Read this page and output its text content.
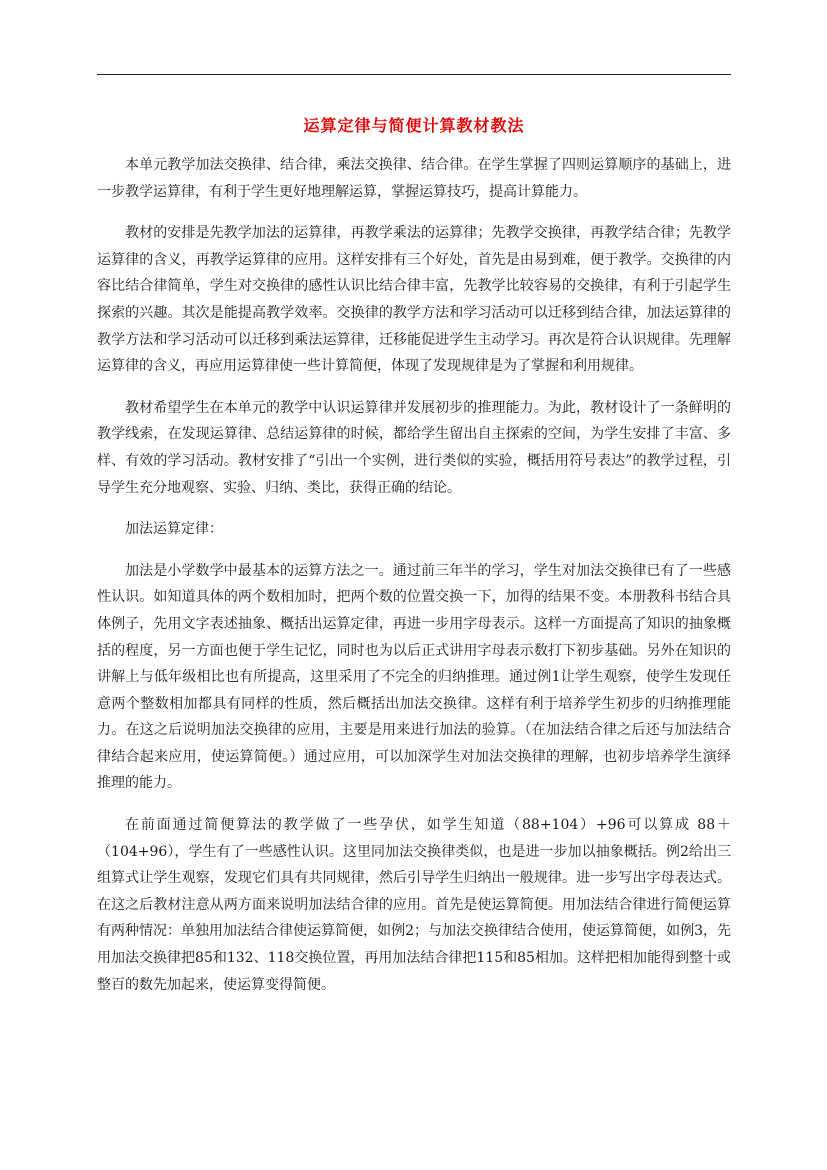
运算定律与简便计算教材教法

本单元教学加法交换律、结合律，乘法交换律、结合律。在学生掌握了四则运算顺序的基础上，进一步教学运算律，有利于学生更好地理解运算，掌握运算技巧，提高计算能力。

教材的安排是先教学加法的运算律，再教学乘法的运算律；先教学交换律，再教学结合律；先教学运算律的含义，再教学运算律的应用。这样安排有三个好处，首先是由易到难，便于教学。交换律的内容比结合律简单，学生对交换律的感性认识比结合律丰富，先教学比较容易的交换律，有利于引起学生探索的兴趣。其次是能提高教学效率。交换律的教学方法和学习活动可以迁移到结合律，加法运算律的教学方法和学习活动可以迁移到乘法运算律，迁移能促进学生主动学习。再次是符合认识规律。先理解运算律的含义，再应用运算律使一些计算简便，体现了发现规律是为了掌握和利用规律。

教材希望学生在本单元的教学中认识运算律并发展初步的推理能力。为此，教材设计了一条鲜明的教学线索，在发现运算律、总结运算律的时候，都给学生留出自主探索的空间，为学生安排了丰富、多样、有效的学习活动。教材安排了“引出一个实例，进行类似的实验，概括用符号表达”的教学过程，引导学生充分地观察、实验、归纳、类比，获得正确的结论。

加法运算定律：

加法是小学数学中最基本的运算方法之一。通过前三年半的学习，学生对加法交换律已有了一些感性认识。如知道具体的两个数相加时，把两个数的位置交换一下，加得的结果不变。本册教科书结合具体例子，先用文字表述抽象、概括出运算定律，再进一步用字母表示。这样一方面提高了知识的抽象概括的程度，另一方面也便于学生记忆，同时也为以后正式讲用字母表示数打下初步基础。另外在知识的讲解上与低年级相比也有所提高，这里采用了不完全的归纳推理。通过例1让学生观察，使学生发现任意两个整数相加都具有同样的性质，然后概括出加法交换律。这样有利于培养学生初步的归纳推理能力。在这之后说明加法交换律的应用，主要是用来进行加法的验算。（在加法结合律之后还与加法结合律结合起来应用，使运算简便。）通过应用，可以加深学生对加法交换律的理解，也初步培养学生演绎推理的能力。

在前面通过简便算法的教学做了一些孕伏，如学生知道（88+104）+96可以算成 88＋（104+96），学生有了一些感性认识。这里同加法交换律类似，也是进一步加以抽象概括。例2给出三组算式让学生观察，发现它们具有共同规律，然后引导学生归纳出一般规律。进一步写出字母表达式。在这之后教材注意从两方面来说明加法结合律的应用。首先是使运算简便。用加法结合律进行简便运算有两种情况：单独用加法结合律使运算简便，如例2；与加法交换律结合使用，使运算简便，如例3，先用加法交换律把85和132、118交换位置，再用加法结合律把115和85相加。这样把相加能得到整十或整百的数先加起来，使运算变得简便。
